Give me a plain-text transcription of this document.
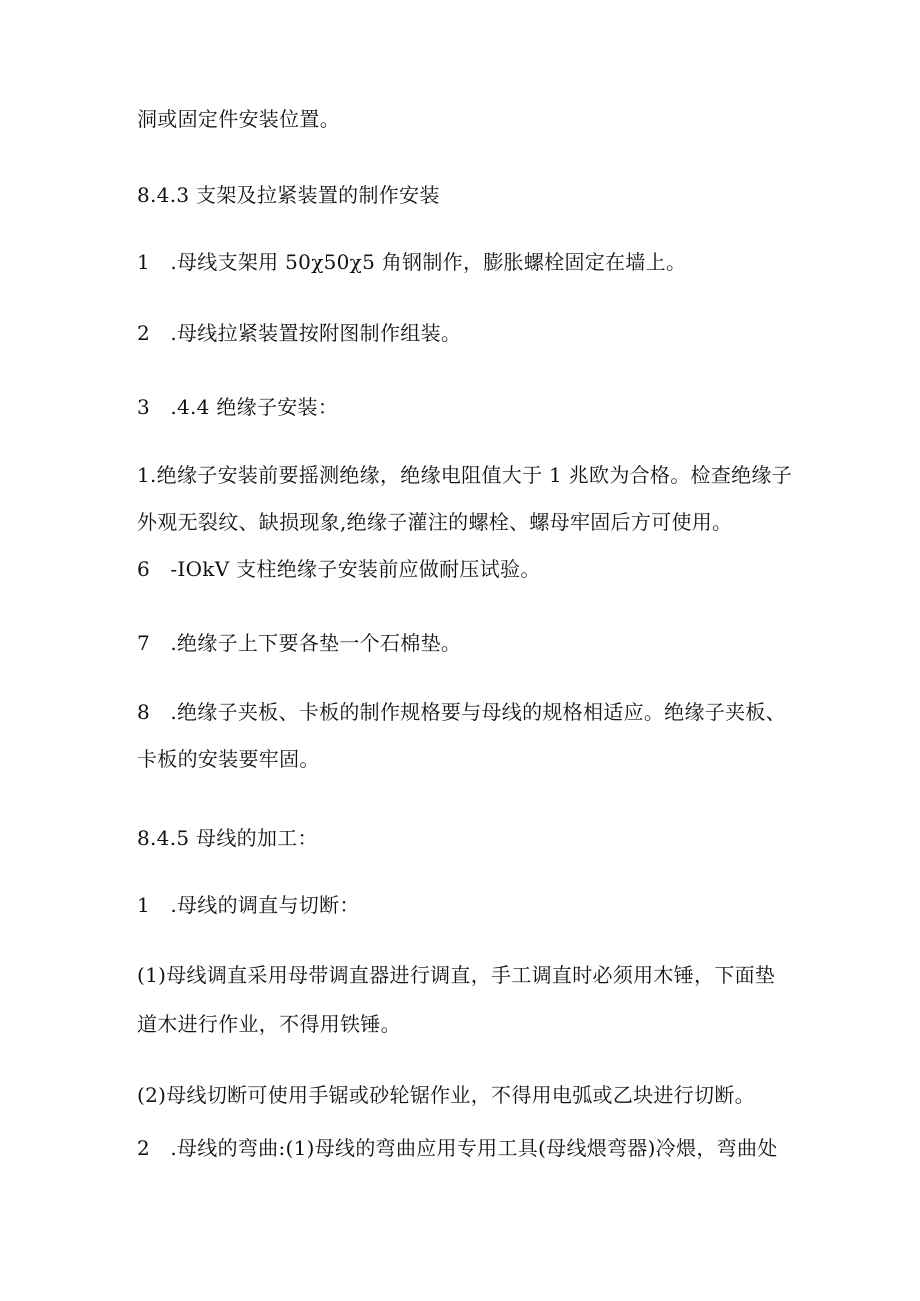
洞或固定件安装位置。
8.4.3 支架及拉紧装置的制作安装
1　.母线支架用 50χ50χ5 角钢制作，膨胀螺栓固定在墙上。
2　.母线拉紧装置按附图制作组装。
3　.4.4 绝缘子安装：
1.绝缘子安装前要摇测绝缘，绝缘电阻值大于 1 兆欧为合格。检查绝缘子
外观无裂纹、缺损现象,绝缘子灌注的螺栓、螺母牢固后方可使用。
6　-IOkV 支柱绝缘子安装前应做耐压试验。
7　.绝缘子上下要各垫一个石棉垫。
8　.绝缘子夹板、卡板的制作规格要与母线的规格相适应。绝缘子夹板、
卡板的安装要牢固。
8.4.5 母线的加工：
1　.母线的调直与切断：
(1)母线调直采用母带调直器进行调直，手工调直时必须用木锤，下面垫
道木进行作业，不得用铁锤。
(2)母线切断可使用手锯或砂轮锯作业，不得用电弧或乙块进行切断。
2　.母线的弯曲:(1)母线的弯曲应用专用工具(母线煨弯器)冷煨，弯曲处
